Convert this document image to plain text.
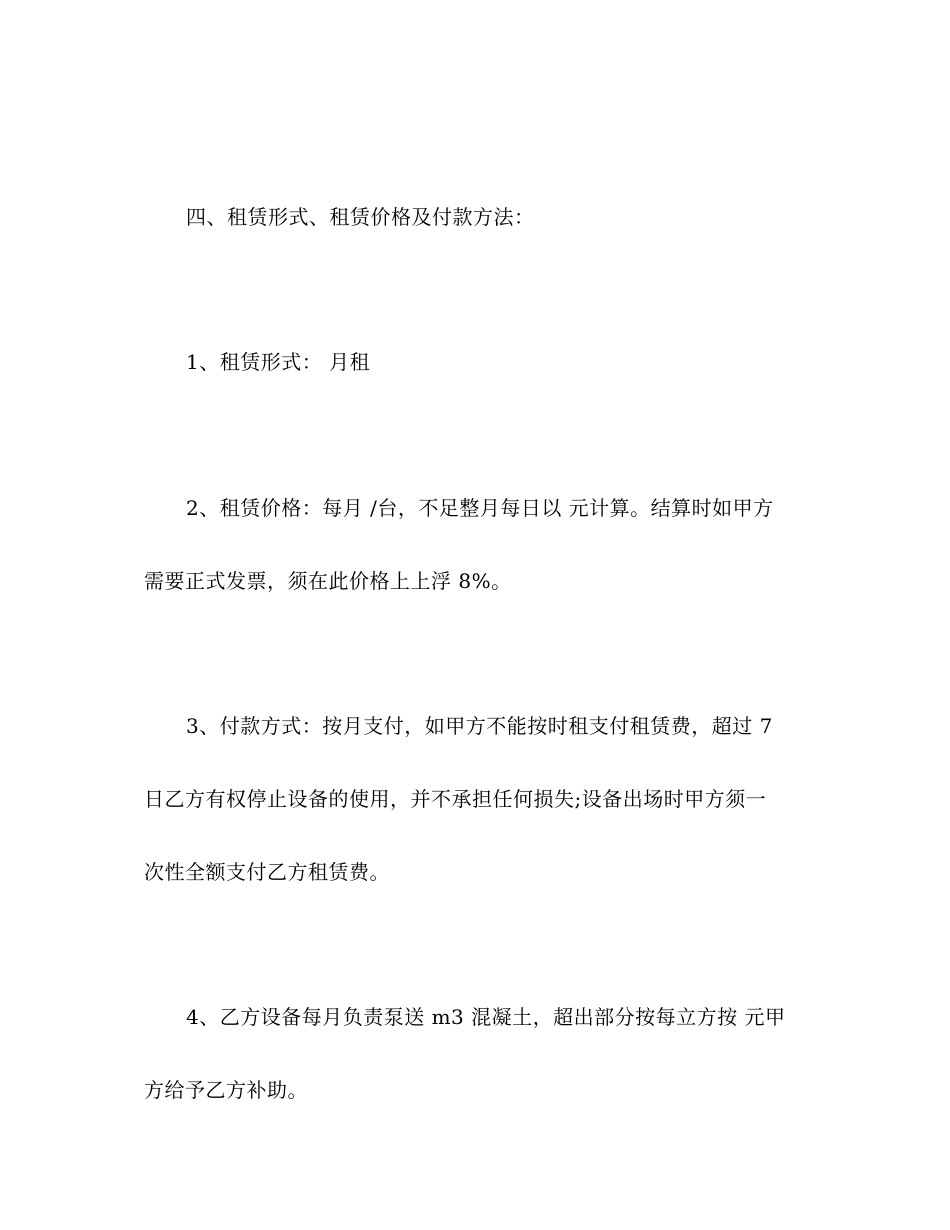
四、租赁形式、租赁价格及付款方法：
1、租赁形式： 月租
2、租赁价格：每月 /台，不足整月每日以 元计算。结算时如甲方
需要正式发票，须在此价格上上浮 8%。
3、付款方式：按月支付，如甲方不能按时租支付租赁费，超过 7
日乙方有权停止设备的使用，并不承担任何损失;设备出场时甲方须一
次性全额支付乙方租赁费。
4、乙方设备每月负责泵送 m3 混凝土，超出部分按每立方按 元甲
方给予乙方补助。
